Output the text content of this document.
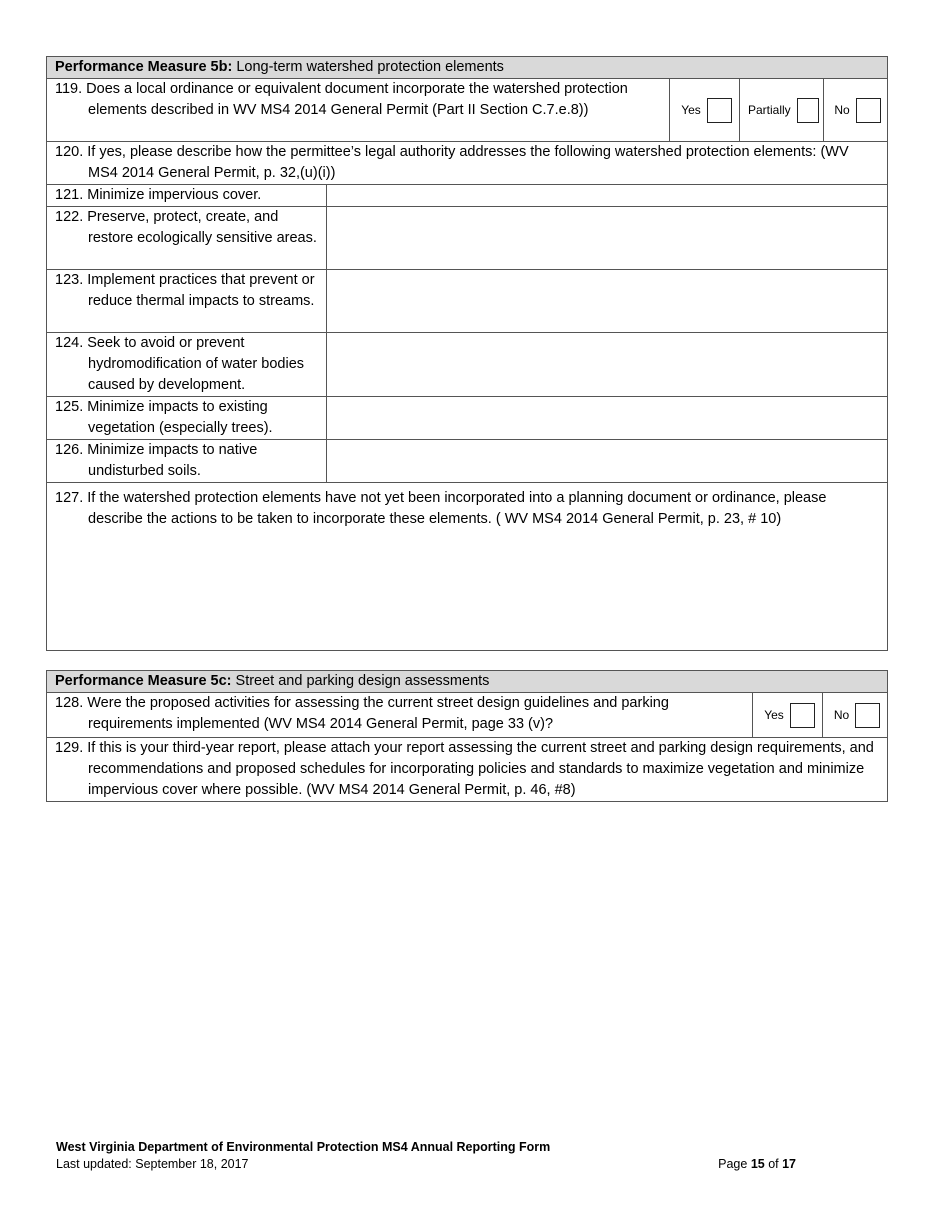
Performance Measure 5b: Long-term watershed protection elements				

119. Does a local ordinance or equivalent document incorporate the watershed protection elements described in WV MS4 2014 General Permit (Part II Section C.7.e.8))		Yes	Partially	No

120. If yes, please describe how the permittee’s legal authority addresses the following watershed protection elements: (WV MS4 2014 General Permit, p. 32,(u)(i))				

121. Minimize impervious cover.				

122. Preserve, protect, create, and restore ecologically sensitive areas.				

123. Implement practices that prevent or reduce thermal impacts to streams.				

124. Seek to avoid or prevent hydromodification of water bodies caused by development.				

125. Minimize impacts to existing vegetation (especially trees).				

126. Minimize impacts to native undisturbed soils.				

127. If the watershed protection elements have not yet been incorporated into a planning document or ordinance, please describe the actions to be taken to incorporate these elements. ( WV MS4 2014 General Permit, p. 23, # 10)				
Performance Measure 5c: Street and parking design assessments

128. Were the proposed activities for assessing the current street design guidelines and parking requirements implemented (WV MS4 2014 General Permit, page 33 (v)?

Yes	No

129. If this is your third-year report, please attach your report assessing the current street and parking design requirements, and recommendations and proposed schedules for incorporating policies and standards to maximize vegetation and minimize impervious cover where possible. (WV MS4 2014 General Permit, p. 46, #8)
West Virginia Department of Environmental Protection MS4 Annual Reporting Form
Last updated: September 18, 2017	Page 15 of 17
